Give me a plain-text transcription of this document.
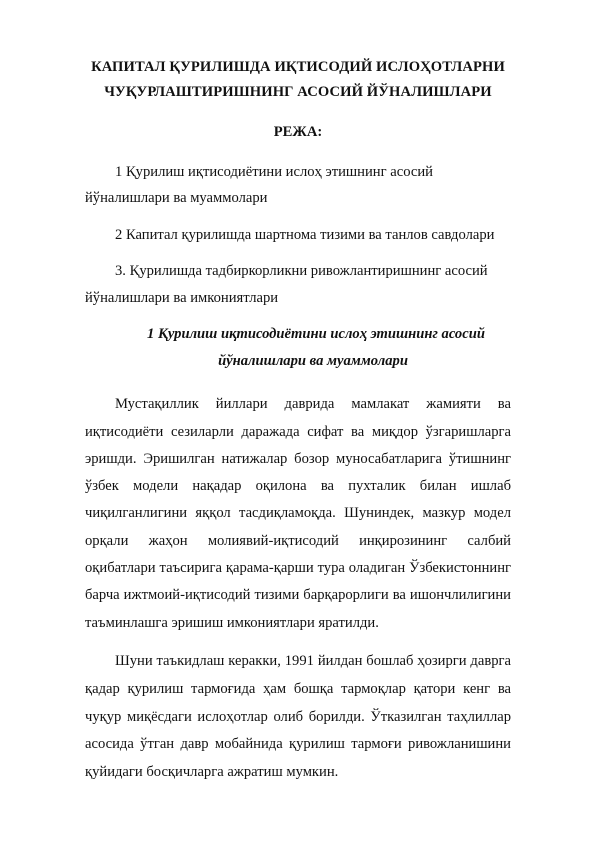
КАПИТАЛ ҚУРИЛИШДА ИҚТИСОДИЙ ИСЛОҲОТЛАРНИ
ЧУҚУРЛАШТИРИШНИНГ АСОСИЙ ЙЎНАЛИШЛАРИ
РЕЖА:
1 Қурилиш иқтисодиётини ислоҳ этишнинг асосий
йўналишлари ва муаммолари
2 Капитал қурилишда шартнома тизими ва танлов савдолари
3. Қурилишда тадбиркорликни ривожлантиришнинг асосий
йўналишлари ва имкониятлари
1 Қурилиш иқтисодиётини ислоҳ этишнинг асосий
йўналишлари ва муаммолари
Мустақиллик йиллари даврида мамлакат жамияти ва
иқтисодиёти сезиларли даражада сифат ва миқдор ўзгаришларга
эришди. Эришилган натижалар бозор муносабатларига ўтишнинг
ўзбек модели нақадар оқилона ва пухталик билан ишлаб
чиқилганлигини яққол тасдиқламоқда. Шуниндек, мазкур модел
орқали жаҳон молиявий-иқтисодий инқирозининг салбий
оқибатлари таъсирига қарама-қарши тура оладиган Ўзбекистоннинг
барча ижтмоий-иқтисодий тизими барқарорлиги ва ишончлилигини
таъминлашга эришиш имкониятлари яратилди.
Шуни таъкидлаш керакки, 1991 йилдан бошлаб ҳозирги даврга
қадар қурилиш тармоғида ҳам бошқа тармоқлар қатори кенг ва
чуқур миқёсдаги ислоҳотлар олиб борилди. Ўтказилган таҳлиллар
асосида ўтган давр мобайнида қурилиш тармоғи ривожланишини
қуйидаги босқичларга ажратиш мумкин.
